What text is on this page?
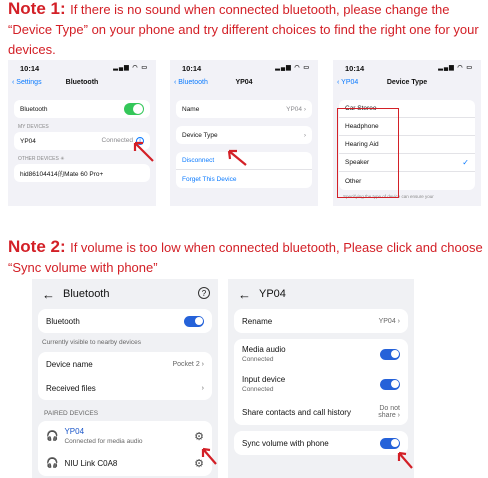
Note 1: If there is no sound when connected bluetooth, please change the “Device Type” on your phone and try different choices to find the right one for your devices.
10:14	▂▄▆ ◠ ▭
‹ Settings	Bluetooth
Bluetooth
MY DEVICES
YP04	Connected i
OTHER DEVICES ✳
hid86104414的Mate 60 Pro+
10:14	▂▄▆ ◠ ▭
‹ Bluetooth	YP04
Name	YP04 ›
Device Type	›
Disconnect
Forget This Device
10:14	▂▄▆ ◠ ▭
‹ YP04	Device Type
Car Stereo
Headphone
Hearing Aid
Speaker	✓
Other
Specifying the type of device can ensure your
Note 2: If volume is too low when connected bluetooth, Please click and choose “Sync volume with phone”
← Bluetooth	?
Bluetooth
Currently visible to nearby devices
Device name	Pocket 2 ›
Received files	›
PAIRED DEVICES
🎧 YP04
Connected for media audio	⚙
🎧 NIU Link C0A8	⚙
← YP04
Rename	YP04 ›
Media audio
Connected
Input device
Connected
Share contacts and call history	Do not share ›
Sync volume with phone
